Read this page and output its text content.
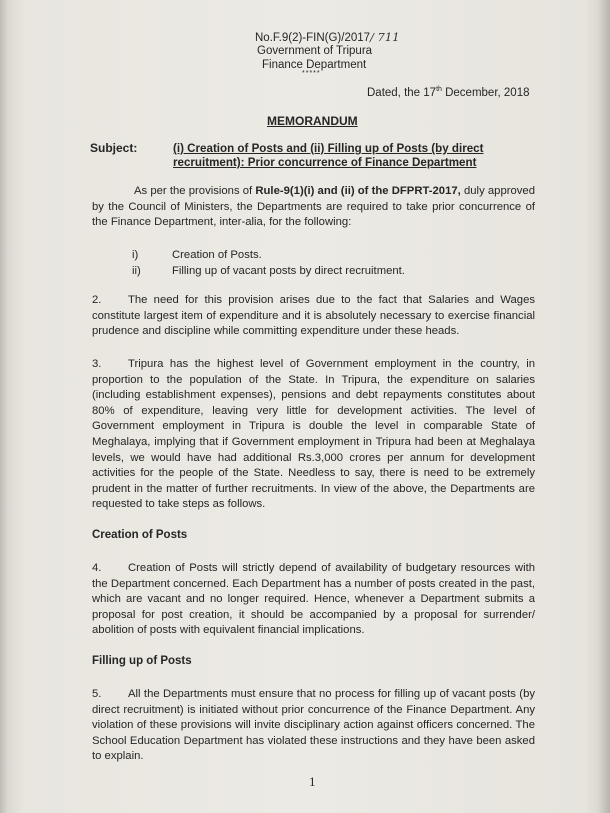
No.F.9(2)-FIN(G)/2017/ 711
Government of Tripura
Finance Department
*****
Dated, the 17th December, 2018
MEMORANDUM
Subject:	(i) Creation of Posts and (ii) Filling up of Posts (by direct
recruitment): Prior concurrence of Finance Department
As per the provisions of Rule-9(1)(i) and (ii) of the DFPRT-2017, duly approved by the Council of Ministers, the Departments are required to take prior concurrence of the Finance Department, inter-alia, for the following:
i)	Creation of Posts.
ii)	Filling up of vacant posts by direct recruitment.
2. The need for this provision arises due to the fact that Salaries and Wages constitute largest item of expenditure and it is absolutely necessary to exercise financial prudence and discipline while committing expenditure under these heads.
3. Tripura has the highest level of Government employment in the country, in proportion to the population of the State. In Tripura, the expenditure on salaries (including establishment expenses), pensions and debt repayments constitutes about 80% of expenditure, leaving very little for development activities. The level of Government employment in Tripura is double the level in comparable State of Meghalaya, implying that if Government employment in Tripura had been at Meghalaya levels, we would have had additional Rs.3,000 crores per annum for development activities for the people of the State. Needless to say, there is need to be extremely prudent in the matter of further recruitments. In view of the above, the Departments are requested to take steps as follows.
Creation of Posts
4. Creation of Posts will strictly depend of availability of budgetary resources with the Department concerned. Each Department has a number of posts created in the past, which are vacant and no longer required. Hence, whenever a Department submits a proposal for post creation, it should be accompanied by a proposal for surrender/ abolition of posts with equivalent financial implications.
Filling up of Posts
5. All the Departments must ensure that no process for filling up of vacant posts (by direct recruitment) is initiated without prior concurrence of the Finance Department. Any violation of these provisions will invite disciplinary action against officers concerned. The School Education Department has violated these instructions and they have been asked to explain.
1
